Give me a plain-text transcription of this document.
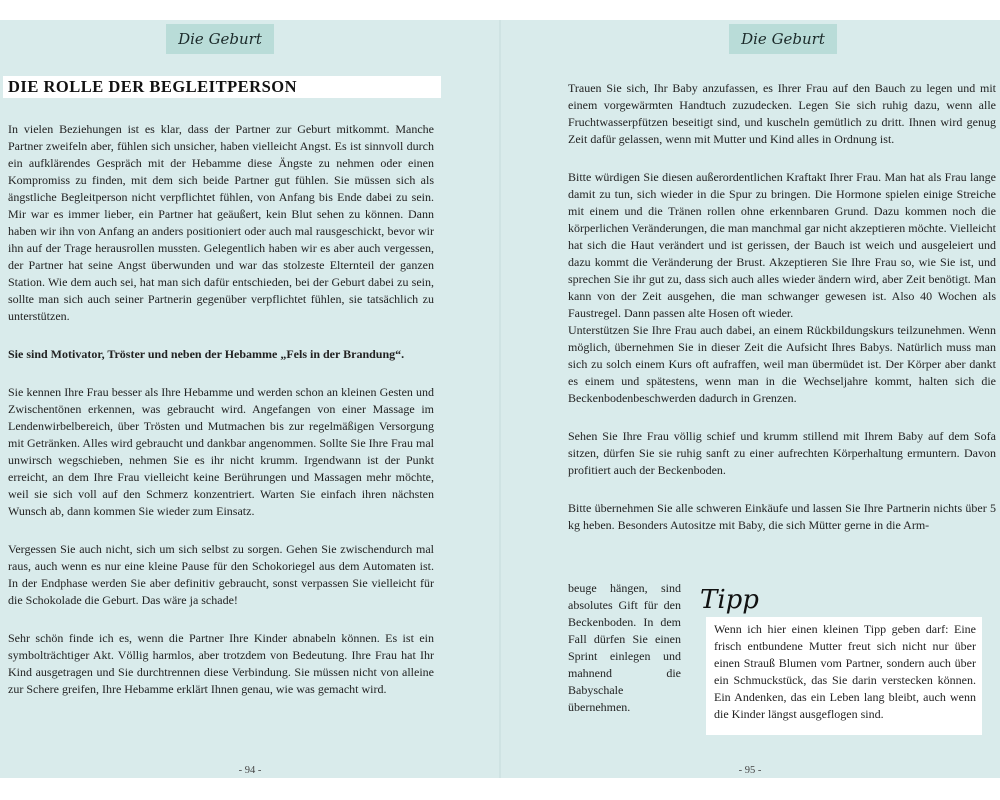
Die Geburt
DIE ROLLE DER BEGLEITPERSON

In vielen Beziehungen ist es klar, dass der Partner zur Geburt mitkommt. Manche Partner zweifeln aber, fühlen sich unsicher, haben vielleicht Angst. Es ist sinnvoll durch ein aufklärendes Gespräch mit der Hebamme diese Ängste zu nehmen oder einen Kompromiss zu finden, mit dem sich beide Partner gut fühlen. Sie müssen sich als ängstliche Begleitperson nicht verpflichtet fühlen, von Anfang bis Ende dabei zu sein. Mir war es immer lieber, ein Partner hat geäußert, kein Blut sehen zu können. Dann haben wir ihn von Anfang an anders positioniert oder auch mal rausgeschickt, bevor wir ihn auf der Trage herausrollen mussten. Gelegentlich haben wir es aber auch vergessen, der Partner hat seine Angst überwunden und war das stolzeste Elternteil der ganzen Station. Wie dem auch sei, hat man sich dafür entschieden, bei der Geburt dabei zu sein, sollte man sich auch seiner Partnerin gegenüber verpflichtet fühlen, sie tatsächlich zu unterstützen.

Sie sind Motivator, Tröster und neben der Hebamme „Fels in der Brandung“.

Sie kennen Ihre Frau besser als Ihre Hebamme und werden schon an kleinen Gesten und Zwischentönen erkennen, was gebraucht wird. Angefangen von einer Massage im Lendenwirbelbereich, über Trösten und Mutmachen bis zur regelmäßigen Versorgung mit Getränken. Alles wird gebraucht und dankbar angenommen. Sollte Sie Ihre Frau mal unwirsch wegschieben, nehmen Sie es ihr nicht krumm. Irgendwann ist der Punkt erreicht, an dem Ihre Frau vielleicht keine Berührungen und Massagen mehr möchte, weil sie sich voll auf den Schmerz konzentriert. Warten Sie einfach ihren nächsten Wunsch ab, dann kommen Sie wieder zum Einsatz.

Vergessen Sie auch nicht, sich um sich selbst zu sorgen. Gehen Sie zwischendurch mal raus, auch wenn es nur eine kleine Pause für den Schokoriegel aus dem Automaten ist. In der Endphase werden Sie aber definitiv gebraucht, sonst verpassen Sie vielleicht für die Schokolade die Geburt. Das wäre ja schade!

Sehr schön finde ich es, wenn die Partner Ihre Kinder abnabeln können. Es ist ein symbolträchtiger Akt. Völlig harmlos, aber trotzdem von Bedeutung. Ihre Frau hat Ihr Kind ausgetragen und Sie durchtrennen diese Verbindung. Sie müssen nicht von alleine zur Schere greifen, Ihre Hebamme erklärt Ihnen genau, wie was gemacht wird.

- 94 -
Die Geburt

Trauen Sie sich, Ihr Baby anzufassen, es Ihrer Frau auf den Bauch zu legen und mit einem vorgewärmten Handtuch zuzudecken. Legen Sie sich ruhig dazu, wenn alle Fruchtwasserpfützen beseitigt sind, und kuscheln gemütlich zu dritt. Ihnen wird genug Zeit dafür gelassen, wenn mit Mutter und Kind alles in Ordnung ist.

Bitte würdigen Sie diesen außerordentlichen Kraftakt Ihrer Frau. Man hat als Frau lange damit zu tun, sich wieder in die Spur zu bringen. Die Hormone spielen einige Streiche mit einem und die Tränen rollen ohne erkennbaren Grund. Dazu kommen noch die körperlichen Veränderungen, die man manchmal gar nicht akzeptieren möchte. Vielleicht hat sich die Haut verändert und ist gerissen, der Bauch ist weich und ausgeleiert und dazu kommt die Veränderung der Brust. Akzeptieren Sie Ihre Frau so, wie Sie ist, und sprechen Sie ihr gut zu, dass sich auch alles wieder ändern wird, aber Zeit benötigt. Man kann von der Zeit ausgehen, die man schwanger gewesen ist. Also 40 Wochen als Faustregel. Dann passen alte Hosen oft wieder.

Unterstützen Sie Ihre Frau auch dabei, an einem Rückbildungskurs teilzunehmen. Wenn möglich, übernehmen Sie in dieser Zeit die Aufsicht Ihres Babys. Natürlich muss man sich zu solch einem Kurs oft aufraffen, weil man übermüdet ist. Der Körper aber dankt es einem und spätestens, wenn man in die Wechseljahre kommt, halten sich die Beckenbodenbeschwerden dadurch in Grenzen.

Sehen Sie Ihre Frau völlig schief und krumm stillend mit Ihrem Baby auf dem Sofa sitzen, dürfen Sie sie ruhig sanft zu einer aufrechten Körperhaltung ermuntern. Davon profitiert auch der Beckenboden.

Bitte übernehmen Sie alle schweren Einkäufe und lassen Sie Ihre Partnerin nichts über 5 kg heben. Besonders Autositze mit Baby, die sich Mütter gerne in die Arm-

beuge hängen, sind absolutes Gift für den Beckenboden. In dem Fall dürfen Sie einen Sprint einlegen und mahnend die Babyschale übernehmen.
Tipp
Wenn ich hier einen kleinen Tipp geben darf: Eine frisch entbundene Mutter freut sich nicht nur über einen Strauß Blumen vom Partner, sondern auch über ein Schmuckstück, das Sie darin verstecken können. Ein Andenken, das ein Leben lang bleibt, auch wenn die Kinder längst ausgeflogen sind.
- 95 -
